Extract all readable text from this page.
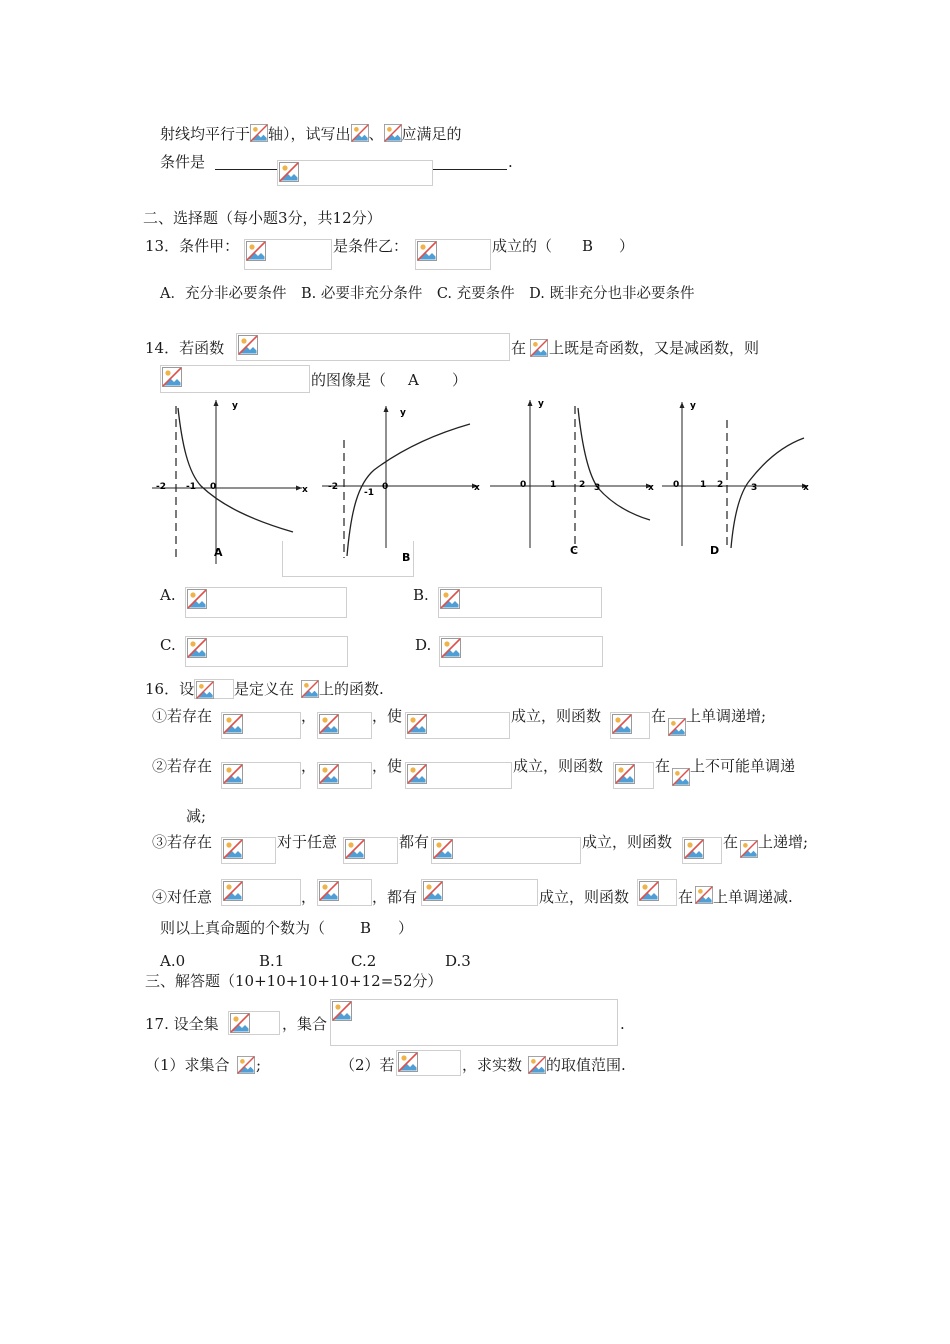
射线均平行于 轴），试写出 、 应满足的
条件是	.
二、选择题（每小题3分，共12分）
13．条件甲：	是条件乙：	成立的（ B ）
A．充分非必要条件　B. 必要非充分条件　C. 充要条件　D. 既非充分也非必要条件
14．若函数	在 上既是奇函数，又是减函数，则
的图像是（ A ）
y
x
-2 -1 0
A
y
x
-2
-1
0
B
y
x
0	1	2 3
C
y
x
0 1 2	3
D
A.	B.
C.	D.
16．设	是定义在 上的函数.
①若存在	，	，使	成立，则函数	在 上单调递增;
②若存在	，	，使	成立，则函数	在 上不可能单调递
减;
③若存在	对于任意	都有	成立，则函数	在 上递增;
④对任意	，	，都有	成立，则函数	在 上单调递减.
则以上真命题的个数为（ B ）
A.0	B.1	C.2	D.3
三、解答题（10+10+10+10+12=52分）
17. 设全集	，集合	.
（1）求集合 ;	（2）若	，求实数 的取值范围.
